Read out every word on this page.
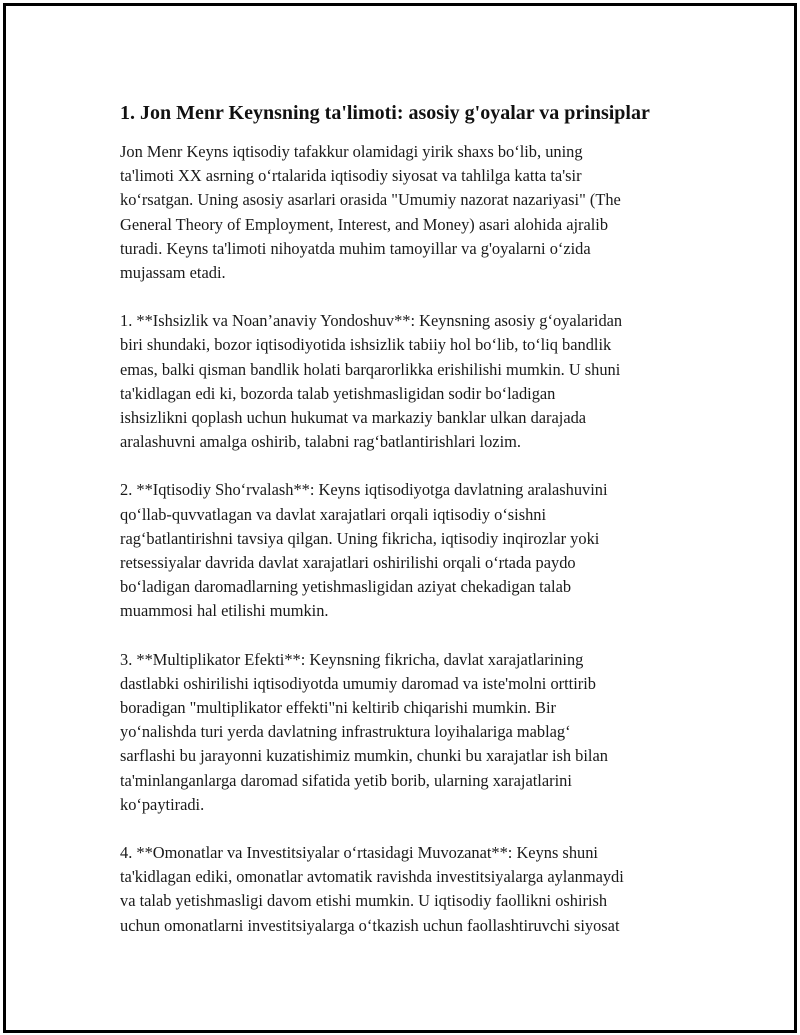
1. Jon Menr Keynsning ta'limoti: asosiy g'oyalar va prinsiplar
Jon Menr Keyns iqtisodiy tafakkur olamidagi yirik shaxs bo‘lib, uning
ta'limoti XX asrning o‘rtalarida iqtisodiy siyosat va tahlilga katta ta'sir
ko‘rsatgan. Uning asosiy asarlari orasida "Umumiy nazorat nazariyasi" (The
General Theory of Employment, Interest, and Money) asari alohida ajralib
turadi. Keyns ta'limoti nihoyatda muhim tamoyillar va g'oyalarni o‘zida
mujassam etadi.
1. **Ishsizlik va Noan’anaviy Yondoshuv**: Keynsning asosiy g‘oyalaridan
biri shundaki, bozor iqtisodiyotida ishsizlik tabiiy hol bo‘lib, to‘liq bandlik
emas, balki qisman bandlik holati barqarorlikka erishilishi mumkin. U shuni
ta'kidlagan edi ki, bozorda talab yetishmasligidan sodir bo‘ladigan
ishsizlikni qoplash uchun hukumat va markaziy banklar ulkan darajada
aralashuvni amalga oshirib, talabni rag‘batlantirishlari lozim.
2. **Iqtisodiy Sho‘rvalash**: Keyns iqtisodiyotga davlatning aralashuvini
qo‘llab-quvvatlagan va davlat xarajatlari orqali iqtisodiy o‘sishni
rag‘batlantirishni tavsiya qilgan. Uning fikricha, iqtisodiy inqirozlar yoki
retsessiyalar davrida davlat xarajatlari oshirilishi orqali o‘rtada paydo
bo‘ladigan daromadlarning yetishmasligidan aziyat chekadigan talab
muammosi hal etilishi mumkin.
3. **Multiplikator Efekti**: Keynsning fikricha, davlat xarajatlarining
dastlabki oshirilishi iqtisodiyotda umumiy daromad va iste'molni orttirib
boradigan "multiplikator effekti"ni keltirib chiqarishi mumkin. Bir
yo‘nalishda turi yerda davlatning infrastruktura loyihalariga mablag‘
sarflashi bu jarayonni kuzatishimiz mumkin, chunki bu xarajatlar ish bilan
ta'minlanganlarga daromad sifatida yetib borib, ularning xarajatlarini
ko‘paytiradi.
4. **Omonatlar va Investitsiyalar o‘rtasidagi Muvozanat**: Keyns shuni
ta'kidlagan ediki, omonatlar avtomatik ravishda investitsiyalarga aylanmaydi
va talab yetishmasligi davom etishi mumkin. U iqtisodiy faollikni oshirish
uchun omonatlarni investitsiyalarga o‘tkazish uchun faollashtiruvchi siyosat
